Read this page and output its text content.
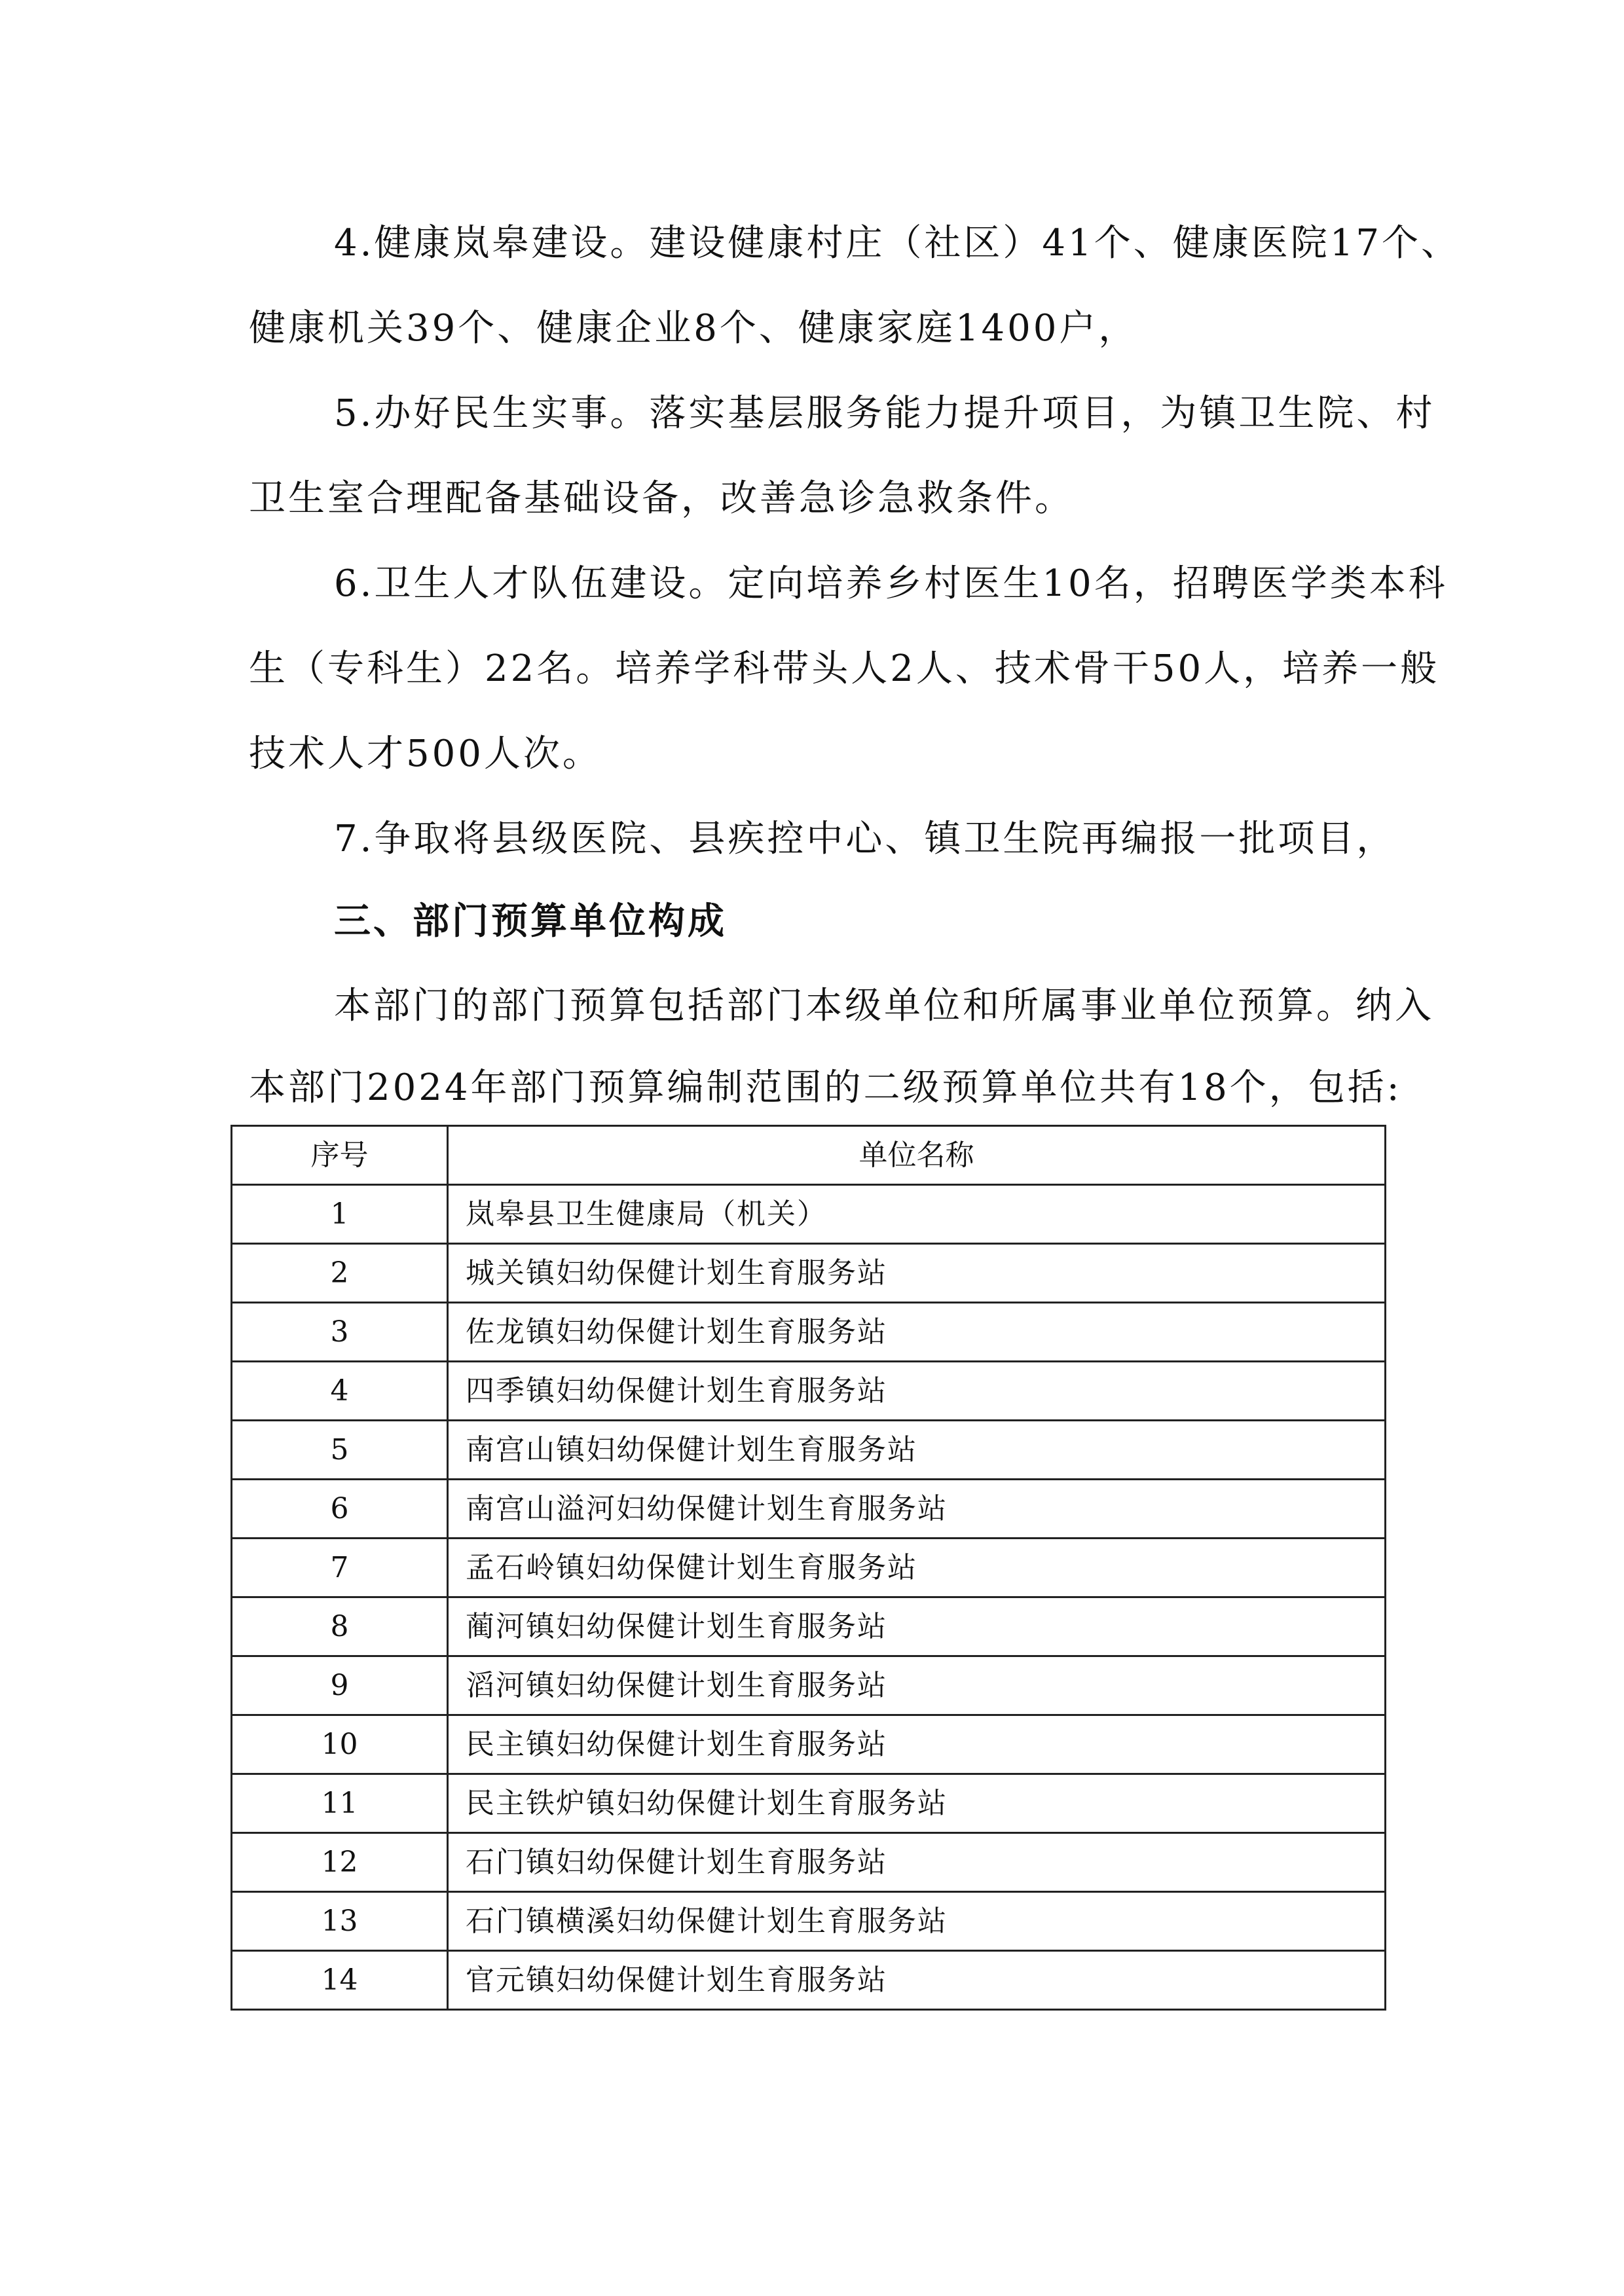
4.健康岚皋建设。建设健康村庄（社区）41个、健康医院17个、
健康机关39个、健康企业8个、健康家庭1400户，
5.办好民生实事。落实基层服务能力提升项目，为镇卫生院、村
卫生室合理配备基础设备，改善急诊急救条件。
6.卫生人才队伍建设。定向培养乡村医生10名，招聘医学类本科
生（专科生）22名。培养学科带头人2人、技术骨干50人，培养一般
技术人才500人次。
7.争取将县级医院、县疾控中心、镇卫生院再编报一批项目，
三、部门预算单位构成
本部门的部门预算包括部门本级单位和所属事业单位预算。纳入
本部门2024年部门预算编制范围的二级预算单位共有18个，包括:
序号	单位名称
1	岚皋县卫生健康局（机关）
2	城关镇妇幼保健计划生育服务站
3	佐龙镇妇幼保健计划生育服务站
4	四季镇妇幼保健计划生育服务站
5	南宫山镇妇幼保健计划生育服务站
6	南宫山溢河妇幼保健计划生育服务站
7	孟石岭镇妇幼保健计划生育服务站
8	蔺河镇妇幼保健计划生育服务站
9	滔河镇妇幼保健计划生育服务站
10	民主镇妇幼保健计划生育服务站
11	民主铁炉镇妇幼保健计划生育服务站
12	石门镇妇幼保健计划生育服务站
13	石门镇横溪妇幼保健计划生育服务站
14	官元镇妇幼保健计划生育服务站
